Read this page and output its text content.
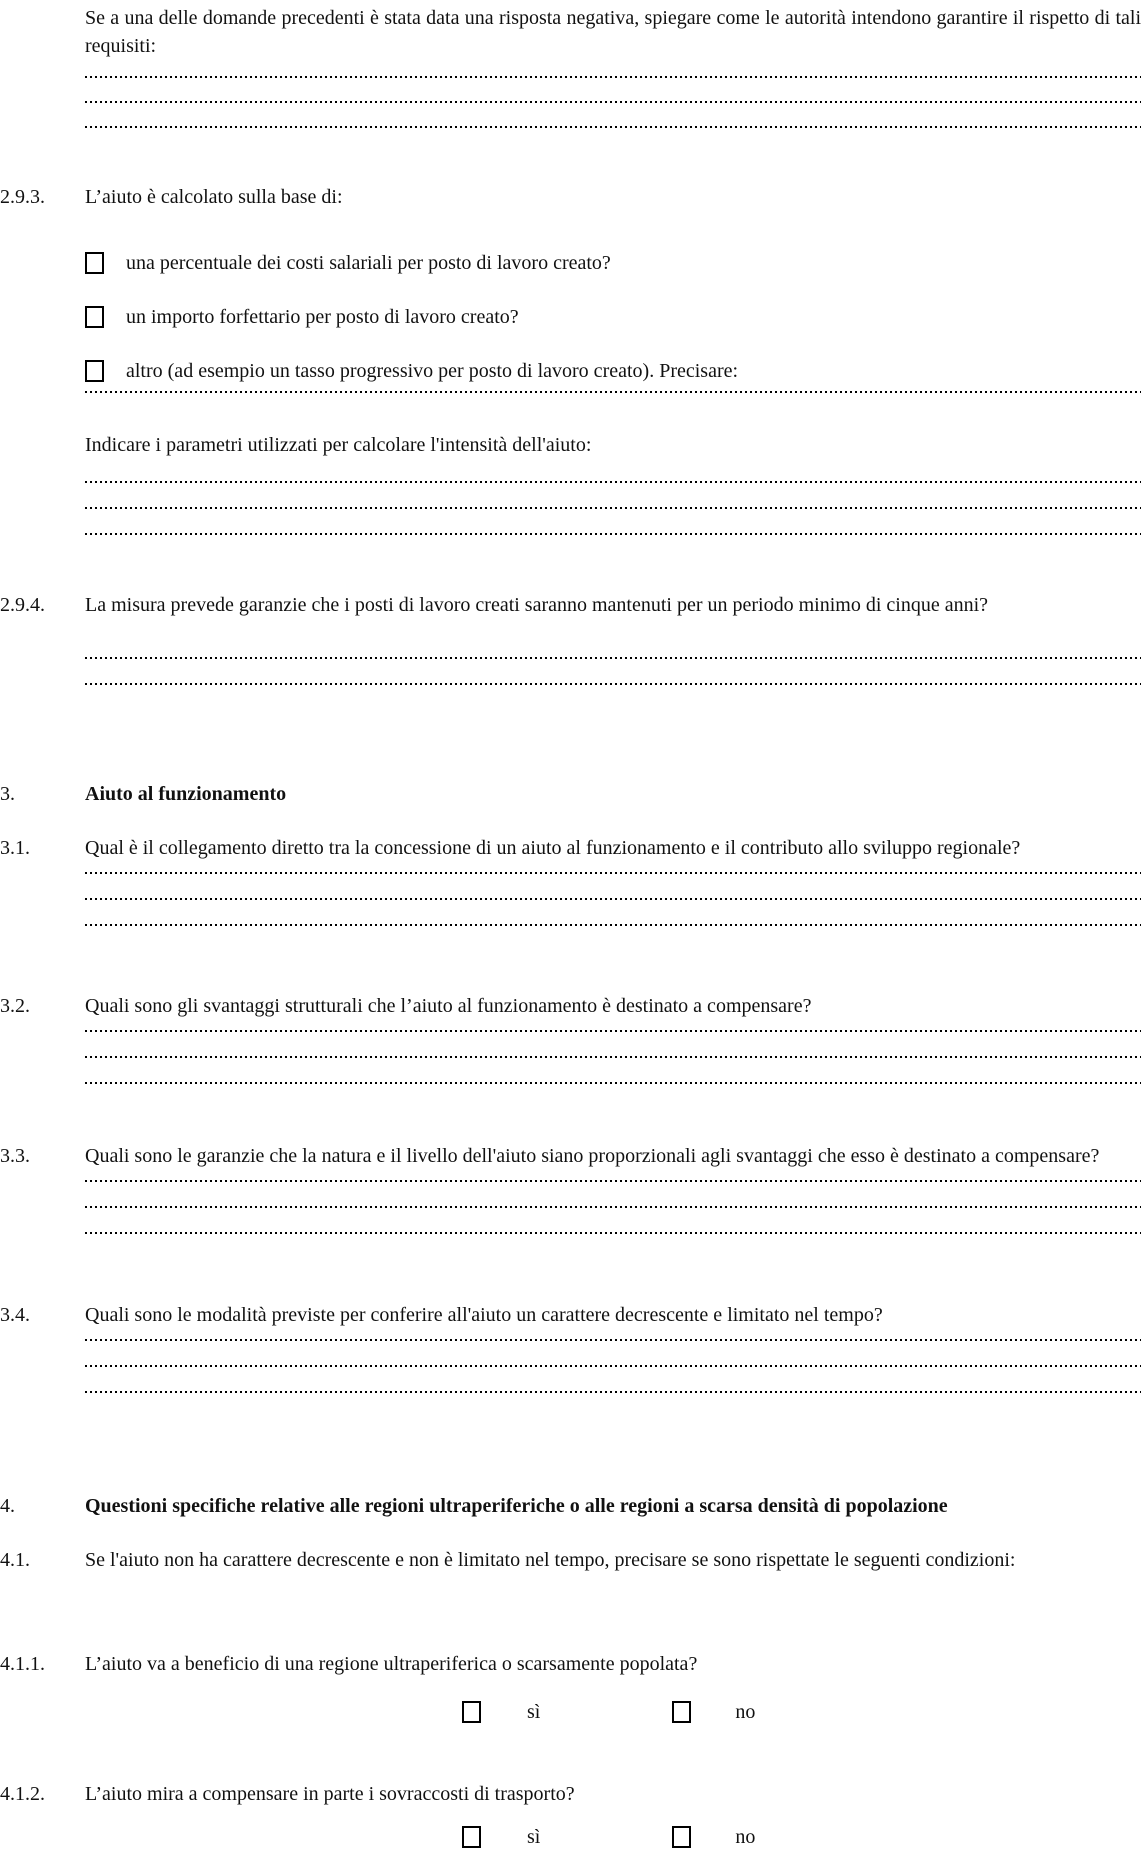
Se a una delle domande precedenti è stata data una risposta negativa, spiegare come le autorità intendono garantire il rispetto di tali requisiti:

2.9.3.	L’aiuto è calcolato sulla base di:

una percentuale dei costi salariali per posto di lavoro creato?
un importo forfettario per posto di lavoro creato?
altro (ad esempio un tasso progressivo per posto di lavoro creato). Precisare:

Indicare i parametri utilizzati per calcolare l'intensità dell'aiuto:

2.9.4.	La misura prevede garanzie che i posti di lavoro creati saranno mantenuti per un periodo minimo di cinque anni?

3.	Aiuto al funzionamento

3.1.	Qual è il collegamento diretto tra la concessione di un aiuto al funzionamento e il contributo allo sviluppo regionale?

3.2.	Quali sono gli svantaggi strutturali che l’aiuto al funzionamento è destinato a compensare?

3.3.	Quali sono le garanzie che la natura e il livello dell'aiuto siano proporzionali agli svantaggi che esso è destinato a compensare?

3.4.	Quali sono le modalità previste per conferire all'aiuto un carattere decrescente e limitato nel tempo?

4.	Questioni specifiche relative alle regioni ultraperiferiche o alle regioni a scarsa densità di popolazione

4.1.	Se l'aiuto non ha carattere decrescente e non è limitato nel tempo, precisare se sono rispettate le seguenti condizioni:

4.1.1.	L’aiuto va a beneficio di una regione ultraperiferica o scarsamente popolata?

sì	no
4.1.2.	L’aiuto mira a compensare in parte i sovraccosti di trasporto?

sì	no
